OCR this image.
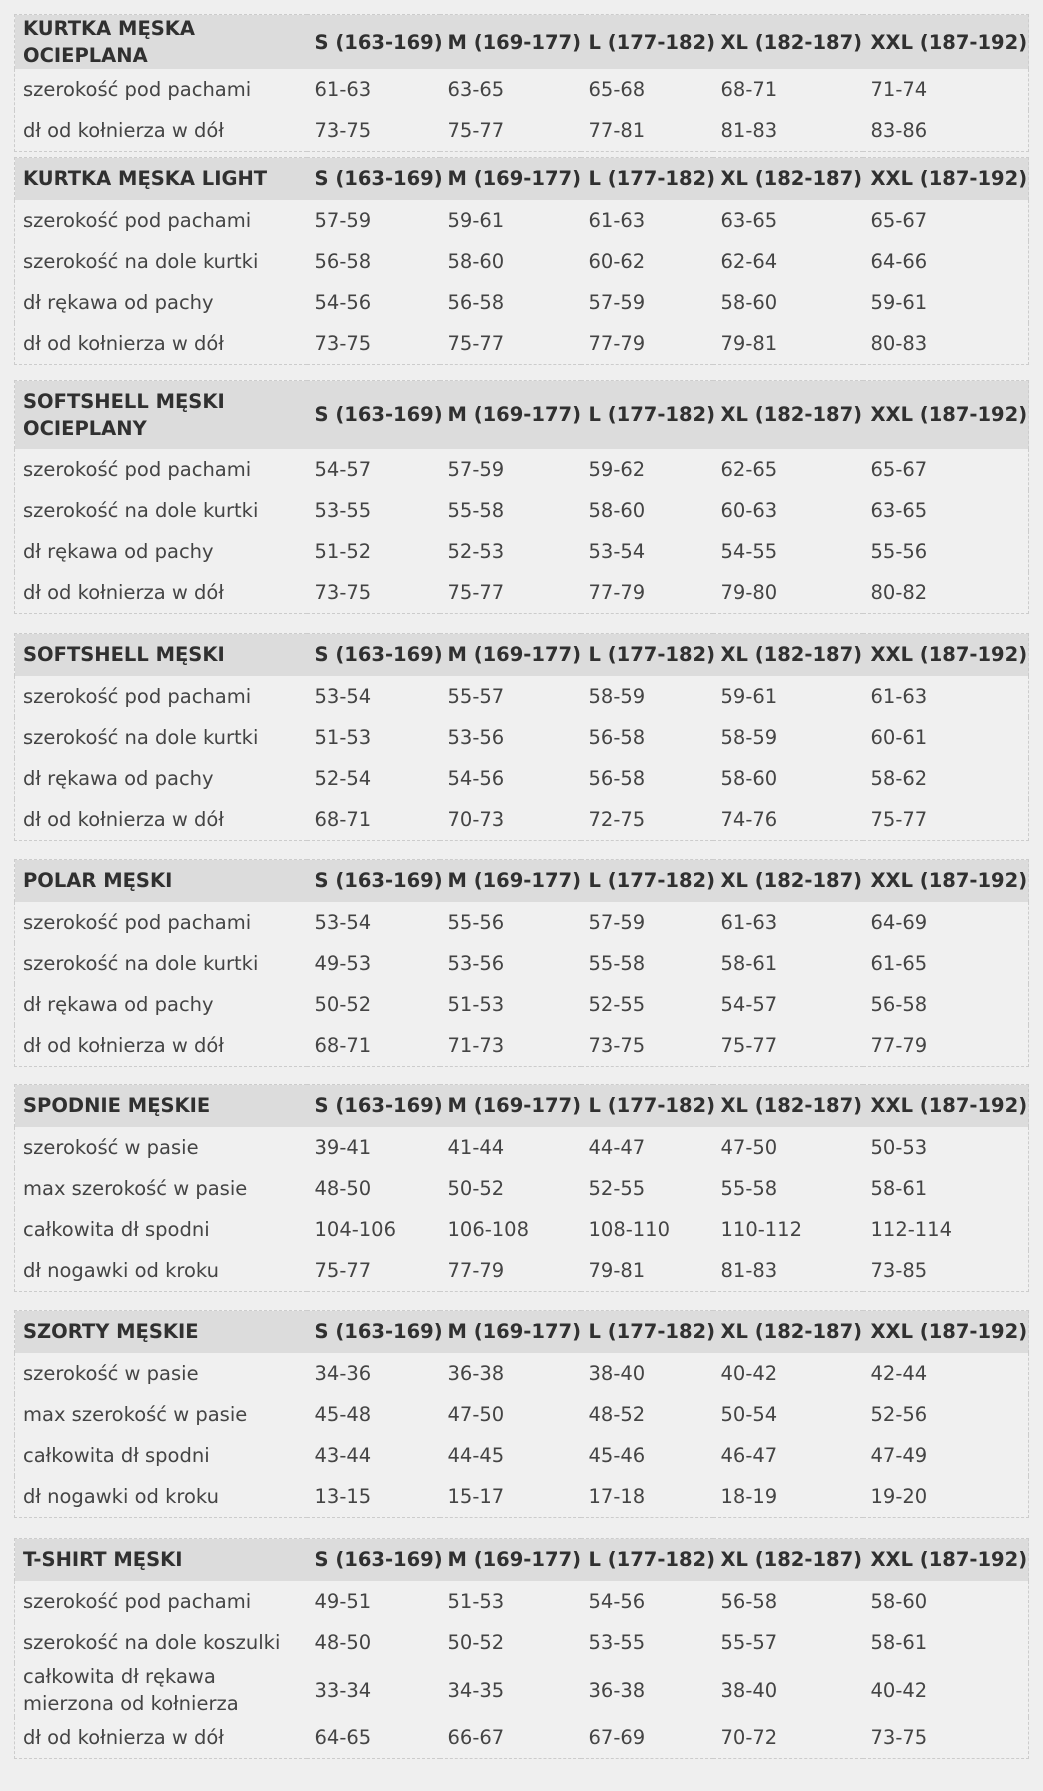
KURTKA MĘSKA OCIEPLANA	S (163-169)	M (169-177)	L (177-182)	XL (182-187)	XXL (187-192)
szerokość pod pachami	61-63	63-65	65-68	68-71	71-74
dł od kołnierza w dół	73-75	75-77	77-81	81-83	83-86
KURTKA MĘSKA LIGHT	S (163-169)	M (169-177)	L (177-182)	XL (182-187)	XXL (187-192)
szerokość pod pachami	57-59	59-61	61-63	63-65	65-67
szerokość na dole kurtki	56-58	58-60	60-62	62-64	64-66
dł rękawa od pachy	54-56	56-58	57-59	58-60	59-61
dł od kołnierza w dół	73-75	75-77	77-79	79-81	80-83
SOFTSHELL MĘSKI OCIEPLANY	S (163-169)	M (169-177)	L (177-182)	XL (182-187)	XXL (187-192)
szerokość pod pachami	54-57	57-59	59-62	62-65	65-67
szerokość na dole kurtki	53-55	55-58	58-60	60-63	63-65
dł rękawa od pachy	51-52	52-53	53-54	54-55	55-56
dł od kołnierza w dół	73-75	75-77	77-79	79-80	80-82
SOFTSHELL MĘSKI	S (163-169)	M (169-177)	L (177-182)	XL (182-187)	XXL (187-192)
szerokość pod pachami	53-54	55-57	58-59	59-61	61-63
szerokość na dole kurtki	51-53	53-56	56-58	58-59	60-61
dł rękawa od pachy	52-54	54-56	56-58	58-60	58-62
dł od kołnierza w dół	68-71	70-73	72-75	74-76	75-77
POLAR MĘSKI	S (163-169)	M (169-177)	L (177-182)	XL (182-187)	XXL (187-192)
szerokość pod pachami	53-54	55-56	57-59	61-63	64-69
szerokość na dole kurtki	49-53	53-56	55-58	58-61	61-65
dł rękawa od pachy	50-52	51-53	52-55	54-57	56-58
dł od kołnierza w dół	68-71	71-73	73-75	75-77	77-79
SPODNIE MĘSKIE	S (163-169)	M (169-177)	L (177-182)	XL (182-187)	XXL (187-192)
szerokość w pasie	39-41	41-44	44-47	47-50	50-53
max szerokość w pasie	48-50	50-52	52-55	55-58	58-61
całkowita dł spodni	104-106	106-108	108-110	110-112	112-114
dł nogawki od kroku	75-77	77-79	79-81	81-83	73-85
SZORTY MĘSKIE	S (163-169)	M (169-177)	L (177-182)	XL (182-187)	XXL (187-192)
szerokość w pasie	34-36	36-38	38-40	40-42	42-44
max szerokość w pasie	45-48	47-50	48-52	50-54	52-56
całkowita dł spodni	43-44	44-45	45-46	46-47	47-49
dł nogawki od kroku	13-15	15-17	17-18	18-19	19-20
T-SHIRT MĘSKI	S (163-169)	M (169-177)	L (177-182)	XL (182-187)	XXL (187-192)
szerokość pod pachami	49-51	51-53	54-56	56-58	58-60
szerokość na dole koszulki	48-50	50-52	53-55	55-57	58-61
całkowita dł rękawa mierzona od kołnierza	33-34	34-35	36-38	38-40	40-42
dł od kołnierza w dół	64-65	66-67	67-69	70-72	73-75
